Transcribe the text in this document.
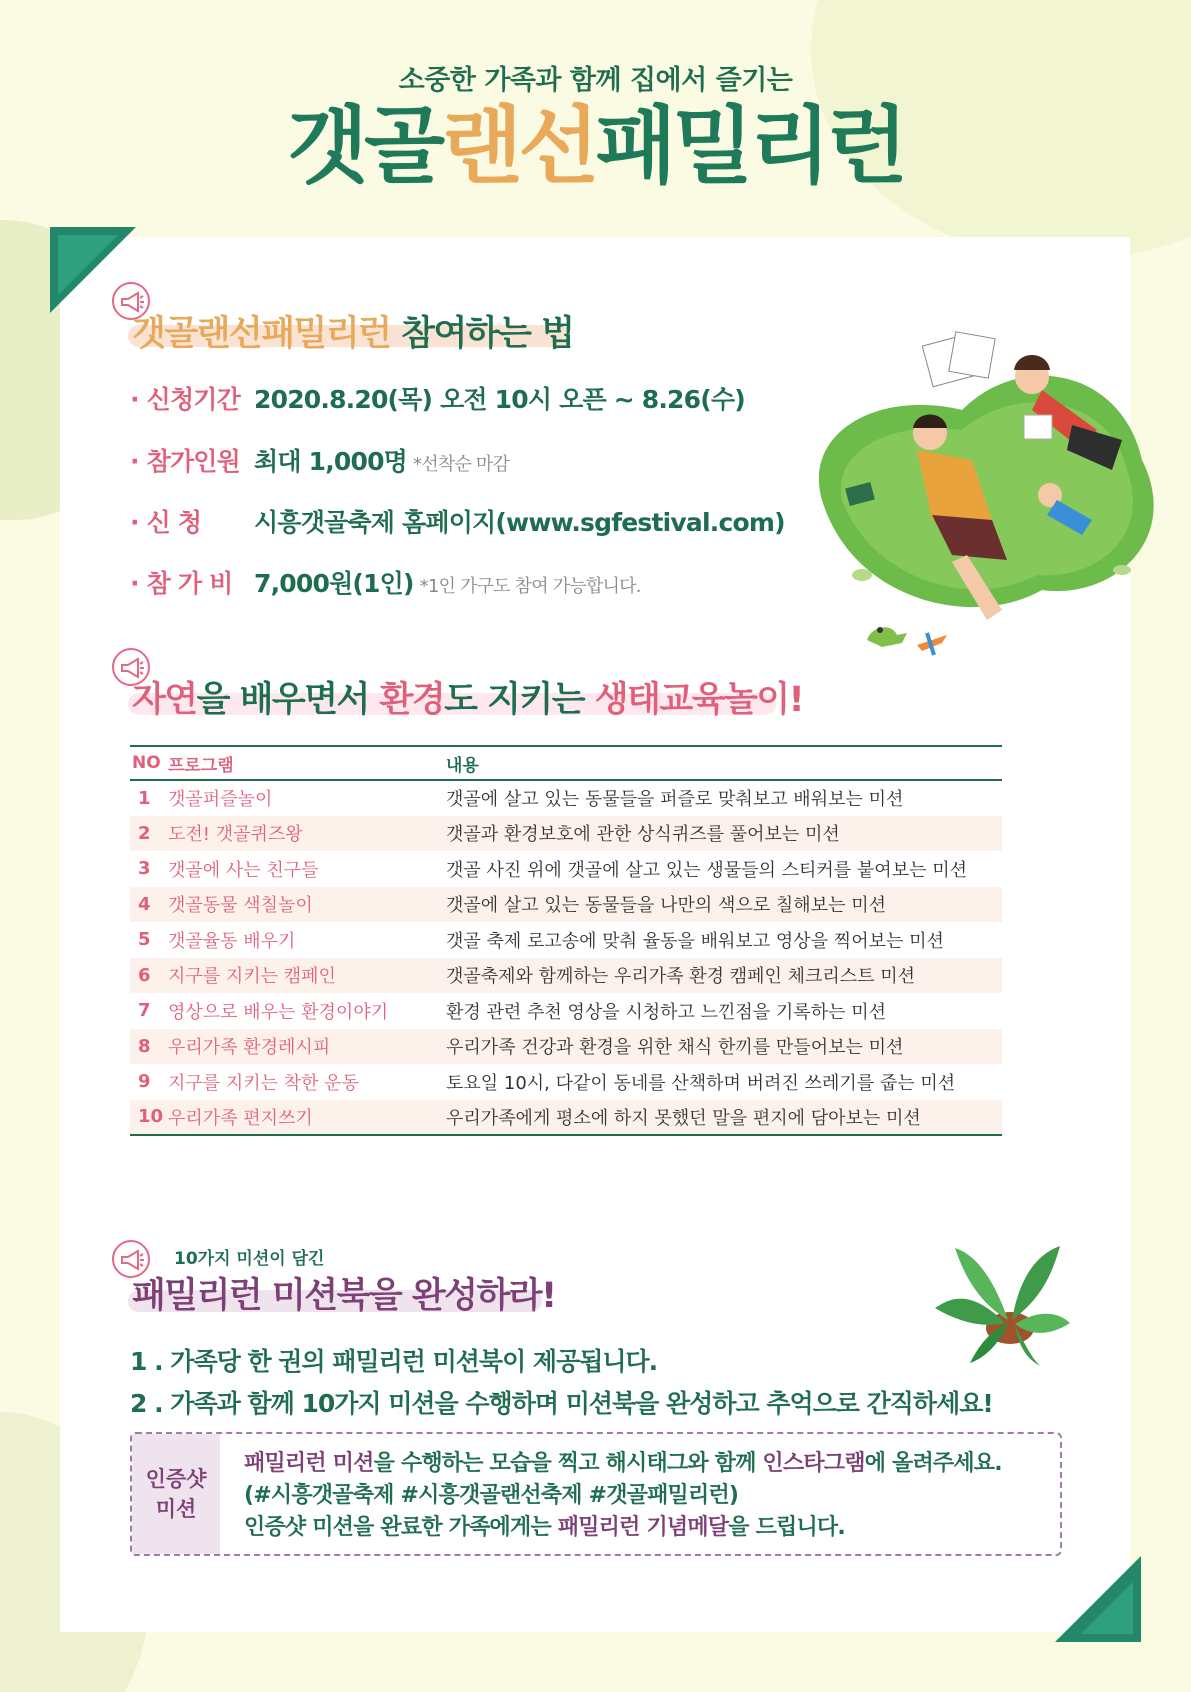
소중한 가족과 함께 집에서 즐기는
갯골랜선패밀리런
갯골랜선패밀리런 참여하는 법
· 신청기간 2020.8.20(목) 오전 10시 오픈 ~ 8.26(수)
· 참가인원 최대 1,000명 *선착순 마감
· 신 청 시흥갯골축제 홈페이지(www.sgfestival.com)
· 참 가 비 7,000원(1인) *1인 가구도 참여 가능합니다.
자연을 배우면서 환경도 지키는 생태교육놀이!
NO	프로그램	내용
1	갯골퍼즐놀이	갯골에 살고 있는 동물들을 퍼즐로 맞춰보고 배워보는 미션
2	도전! 갯골퀴즈왕	갯골과 환경보호에 관한 상식퀴즈를 풀어보는 미션
3	갯골에 사는 친구들	갯골 사진 위에 갯골에 살고 있는 생물들의 스티커를 붙여보는 미션
4	갯골동물 색칠놀이	갯골에 살고 있는 동물들을 나만의 색으로 칠해보는 미션
5	갯골율동 배우기	갯골 축제 로고송에 맞춰 율동을 배워보고 영상을 찍어보는 미션
6	지구를 지키는 캠페인	갯골축제와 함께하는 우리가족 환경 캠페인 체크리스트 미션
7	영상으로 배우는 환경이야기	환경 관련 추천 영상을 시청하고 느낀점을 기록하는 미션
8	우리가족 환경레시피	우리가족 건강과 환경을 위한 채식 한끼를 만들어보는 미션
9	지구를 지키는 착한 운동	토요일 10시, 다같이 동네를 산책하며 버려진 쓰레기를 줍는 미션
10	우리가족 편지쓰기	우리가족에게 평소에 하지 못했던 말을 편지에 담아보는 미션
10가지 미션이 담긴
패밀리런 미션북을 완성하라!
1 . 가족당 한 권의 패밀리런 미션북이 제공됩니다.
2 . 가족과 함께 10가지 미션을 수행하며 미션북을 완성하고 추억으로 간직하세요!
인증샷
미션
패밀리런 미션을 수행하는 모습을 찍고 해시태그와 함께 인스타그램에 올려주세요.
(#시흥갯골축제 #시흥갯골랜선축제 #갯골패밀리런)
인증샷 미션을 완료한 가족에게는 패밀리런 기념메달을 드립니다.
